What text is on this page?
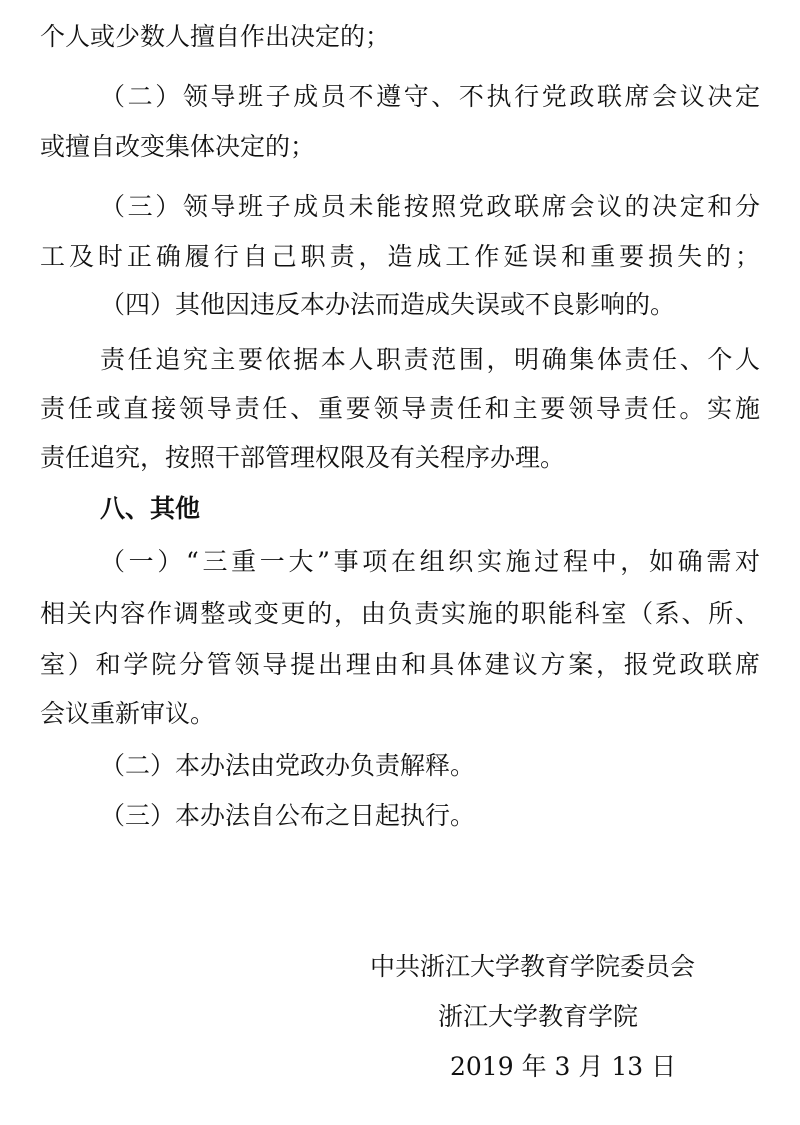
个人或少数人擅自作出决定的；
（二）领导班子成员不遵守、不执行党政联席会议决定
或擅自改变集体决定的；
（三）领导班子成员未能按照党政联席会议的决定和分
工及时正确履行自己职责，造成工作延误和重要损失的；
（四）其他因违反本办法而造成失误或不良影响的。
责任追究主要依据本人职责范围，明确集体责任、个人
责任或直接领导责任、重要领导责任和主要领导责任。实施
责任追究，按照干部管理权限及有关程序办理。
八、其他
（一）“三重一大”事项在组织实施过程中，如确需对
相关内容作调整或变更的，由负责实施的职能科室（系、所、
室）和学院分管领导提出理由和具体建议方案，报党政联席
会议重新审议。
（二）本办法由党政办负责解释。
（三）本办法自公布之日起执行。
中共浙江大学教育学院委员会
浙江大学教育学院
2019 年 3 月 13 日
